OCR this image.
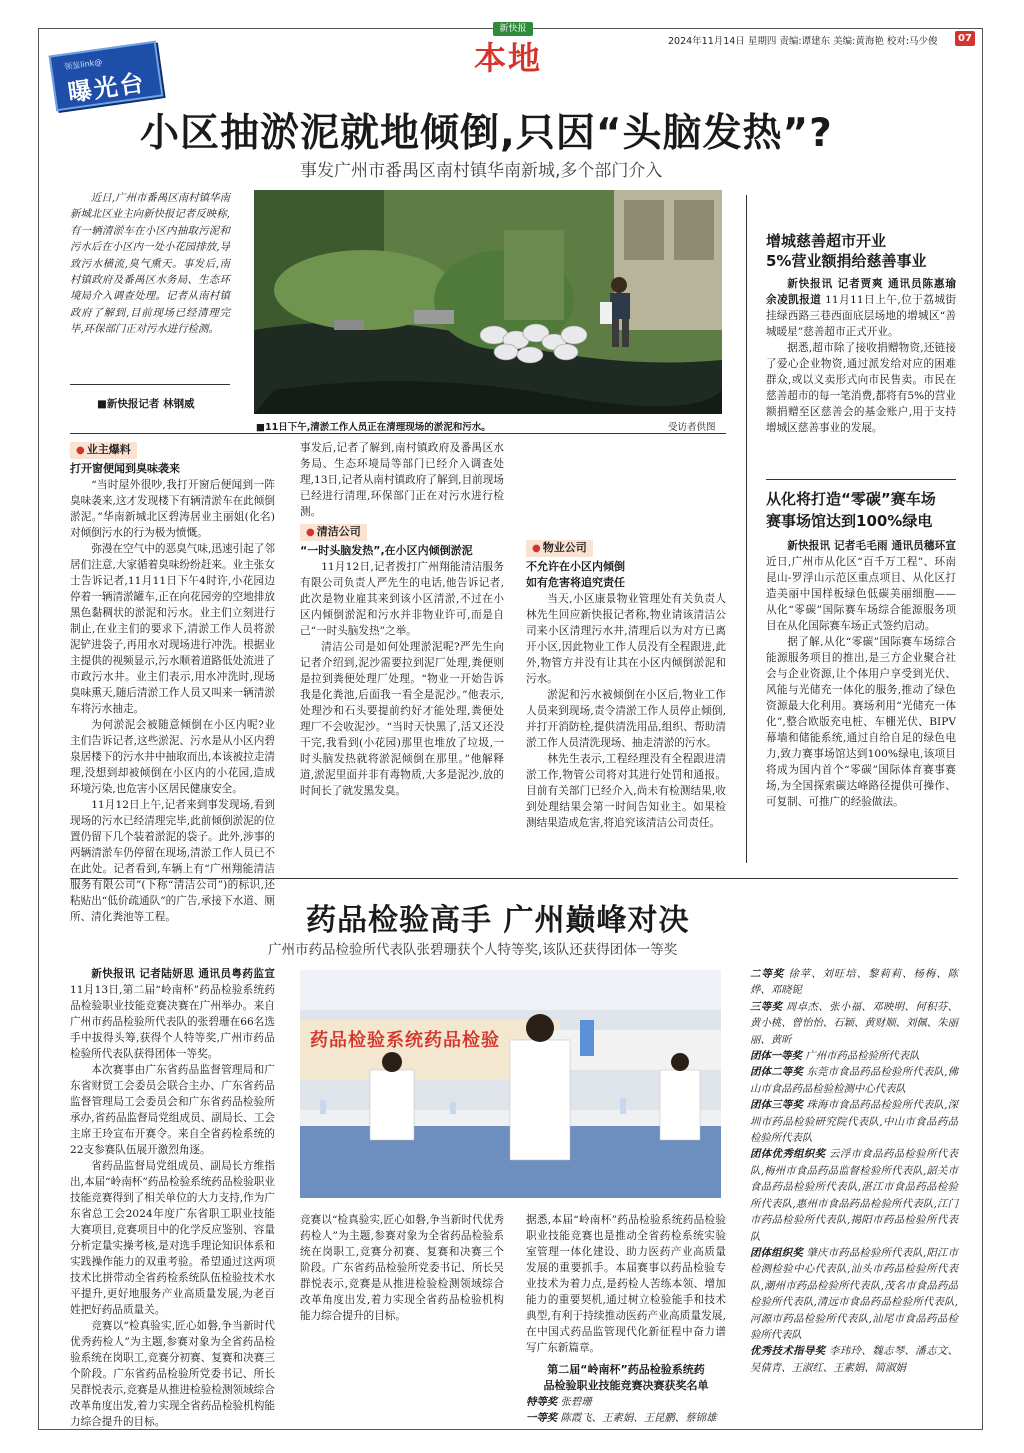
新快报
本地	2024年11月14日 星期四 责编:谭建东 美编:黄海艳 校对:马少俊	07
领鉴link@
曝光台
小区抽淤泥就地倾倒,只因“头脑发热”?
事发广州市番禺区南村镇华南新城,多个部门介入

近日,广州市番禺区南村镇华南新城北区业主向新快报记者反映称,有一辆清淤车在小区内抽取污泥和污水后在小区内一处小花园排放,导致污水横流,臭气熏天。事发后,南村镇政府及番禺区水务局、生态环境局介入调查处理。记者从南村镇政府了解到,目前现场已经清理完毕,环保部门正对污水进行检测。

■新快报记者 林钢威
■11日下午,清淤工作人员正在清理现场的淤泥和污水。	受访者供图
● 业主爆料
打开窗便闻到臭味袭来

“当时屋外很吵,我打开窗后便闻到一阵臭味袭来,这才发现楼下有辆清淤车在此倾倒淤泥。”华南新城北区碧涛居业主丽姐(化名)对倾倒污水的行为极为愤慨。

弥漫在空气中的恶臭气味,迅速引起了邻居们注意,大家循着臭味纷纷赶来。业主张女士告诉记者,11月11日下午4时许,小花园边停着一辆清淤罐车,正在向花园旁的空地排放黑色黏稠状的淤泥和污水。业主们立刻进行制止,在业主们的要求下,清淤工作人员将淤泥铲进袋子,再用水对现场进行冲洗。根据业主提供的视频显示,污水顺着道路低处流进了市政污水井。业主们表示,用水冲洗时,现场臭味熏天,随后清淤工作人员又叫来一辆清淤车将污水抽走。

为何淤泥会被随意倾倒在小区内呢?业主们告诉记者,这些淤泥、污水是从小区内碧泉居楼下的污水井中抽取而出,本该被拉走清理,没想到却被倾倒在小区内的小花园,造成环境污染,也危害小区居民健康安全。

11月12日上午,记者来到事发现场,看到现场的污水已经清理完毕,此前倾倒淤泥的位置仍留下几个装着淤泥的袋子。此外,涉事的两辆清淤车仍停留在现场,清淤工作人员已不在此处。记者看到,车辆上有“广州翔能清洁服务有限公司”(下称“清洁公司”)的标识,还粘贴出“低价疏通队”的广告,承接下水道、厕所、清化粪池等工程。

事发后,记者了解到,南村镇政府及番禺区水务局、生态环境局等部门已经介入调查处理,13日,记者从南村镇政府了解到,目前现场已经进行清理,环保部门正在对污水进行检测。

● 清洁公司
“一时头脑发热”,在小区内倾倒淤泥

11月12日,记者拨打广州翔能清洁服务有限公司负责人严先生的电话,他告诉记者,此次是物业雇其来到该小区清淤,不过在小区内倾倒淤泥和污水并非物业许可,而是自己“一时头脑发热”之举。

清洁公司是如何处理淤泥呢?严先生向记者介绍到,泥沙需要拉到泥厂处理,粪便则是拉到粪便处理厂处理。“物业一开始告诉我是化粪池,后面我一看全是泥沙。”他表示,处理沙和石头要提前约好才能处理,粪便处理厂不会收泥沙。“当时天快黑了,活又还没干完,我看到(小花园)那里也堆放了垃圾,一时头脑发热就将淤泥倾倒在那里。”他解释道,淤泥里面并非有毒物质,大多是泥沙,放的时间长了就发黑发臭。

● 物业公司
不允许在小区内倾倒
如有危害将追究责任

当天,小区康景物业管理处有关负责人林先生回应新快报记者称,物业请该清洁公司来小区清理污水井,清理后以为对方已离开小区,因此物业工作人员没有全程跟进,此外,物管方并没有让其在小区内倾倒淤泥和污水。

淤泥和污水被倾倒在小区后,物业工作人员来到现场,责令清淤工作人员停止倾倒,并打开消防栓,提供清洗用品,组织、帮助清淤工作人员清洗现场、抽走清淤的污水。

林先生表示,工程经理没有全程跟进清淤工作,物管公司将对其进行处罚和通报。目前有关部门已经介入,尚未有检测结果,收到处理结果会第一时间告知业主。如果检测结果造成危害,将追究该清洁公司责任。

增城慈善超市开业
5%营业额捐给慈善事业

新快报讯 记者贾爽 通讯员陈惠瑜 余凌凯报道 11月11日上午,位于荔城街挂绿西路三巷西面底层场地的增城区“善城暖星”慈善超市正式开业。

据悉,超市除了接收捐赠物资,还链接了爱心企业物资,通过派发给对应的困难群众,或以义卖形式向市民售卖。市民在慈善超市的每一笔消费,都将有5%的营业额捐赠至区慈善会的基金账户,用于支持增城区慈善事业的发展。

从化将打造“零碳”赛车场
赛事场馆达到100%绿电

新快报讯 记者毛毛雨 通讯员穗环宣 近日,广州市从化区“百千万工程”、环南昆山-罗浮山示范区重点项目、从化区打造美丽中国样板绿色低碳美丽细胞——从化“零碳”国际赛车场综合能源服务项目在从化国际赛车场正式签约启动。

据了解,从化“零碳”国际赛车场综合能源服务项目的推出,是三方企业聚合社会与企业资源,让个体用户享受到光伏、风能与光储充一体化的服务,推动了绿色资源最大化利用。赛场利用“光储充一体化”,整合欧版充电桩、车棚光伏、BIPV幕墙和储能系统,通过自给自足的绿色电力,致力赛事场馆达到100%绿电,该项目将成为国内首个“零碳”国际体育赛事赛场,为全国探索碳达峰路径提供可操作、可复制、可推广的经验做法。

药品检验高手 广州巅峰对决
广州市药品检验所代表队张碧珊获个人特等奖,该队还获得团体一等奖

新快报讯 记者陆妍思 通讯员粤药监宣 11月13日,第二届“岭南杯”药品检验系统药品检验职业技能竞赛决赛在广州举办。来自广州市药品检验所代表队的张碧珊在66名选手中拔得头筹,获得个人特等奖,广州市药品检验所代表队获得团体一等奖。

本次赛事由广东省药品监督管理局和广东省财贸工会委员会联合主办、广东省药品监督管理局工会委员会和广东省药品检验所承办,省药品监督局党组成员、副局长、工会主席王玲宣布开赛令。来自全省药检系统的22支参赛队伍展开激烈角逐。

省药品监督局党组成员、副局长方维指出,本届“岭南杯”药品检验系统药品检验职业技能竞赛得到了相关单位的大力支持,作为广东省总工会2024年度广东省职工职业技能大赛项目,竞赛项目中的化学反应鉴别、容量分析定量实操考核,是对选手理论知识体系和实践操作能力的双重考验。希望通过这两项技术比拼带动全省药检系统队伍检验技术水平提升,更好地服务产业高质量发展,为老百姓把好药品质量关。

竞赛以“检真验实,匠心如磐,争当新时代优秀药检人”为主题,参赛对象为全省药品检验系统在岗职工,竞赛分初赛、复赛和决赛三个阶段。广东省药品检验所党委书记、所长吴群悦表示,竞赛是从推进检验检测领域综合改革角度出发,着力实现全省药品检验机构能力综合提升的目标。

药品检验系统药品检验

竞赛以“检真验实,匠心如磐,争当新时代优秀药检人”为主题,参赛对象为全省药品检验系统在岗职工,竞赛分初赛、复赛和决赛三个阶段。广东省药品检验所党委书记、所长吴群悦表示,竞赛是从推进检验检测领域综合改革角度出发,着力实现全省药品检验机构能力综合提升的目标。

据悉,本届“岭南杯”药品检验系统药品检验职业技能竞赛也是推动全省药检系统实验室管理一体化建设、助力医药产业高质量发展的重要抓手。本届赛事以药品检验专业技术为着力点,是药检人苦练本领、增加能力的重要契机,通过树立检验能手和技术典型,有利于持续推动医药产业高质量发展,在中国式药品监管现代化新征程中奋力谱写广东新篇章。

第二届“岭南杯”药品检验系统药
品检验职业技能竞赛决赛获奖名单

特等奖 张碧珊

一等奖 陈霞飞、王素娟、王昆鹏、蔡锦雄

二等奖 徐苹、刘旺培、黎莉莉、杨梅、陈烨、邓晓铌

三等奖 周卓杰、张小福、邓映明、何积芬、黄小桃、曾怡怡、石颖、黄财顺、刘佩、朱丽丽、黄昕

团体一等奖 广州市药品检验所代表队

团体二等奖 东莞市食品药品检验所代表队,佛山市食品药品检验检测中心代表队

团体三等奖 珠海市食品药品检验所代表队,深圳市药品检验研究院代表队,中山市食品药品检验所代表队

团体优秀组织奖 云浮市食品药品检验所代表队,梅州市食品药品监督检验所代表队,韶关市食品药品检验所代表队,湛江市食品药品检验所代表队,惠州市食品药品检验所代表队,江门市药品检验所代表队,揭阳市药品检验所代表队

团体组织奖 肇庆市药品检验所代表队,阳江市检测检验中心代表队,汕头市药品检验所代表队,潮州市药品检验所代表队,茂名市食品药品检验所代表队,清远市食品药品检验所代表队,河源市药品检验所代表队,汕尾市食品药品检验所代表队

优秀技术指导奖 李玮玲、魏志琴、潘志文、吴倩青、王淑红、王素娟、简淑娟
